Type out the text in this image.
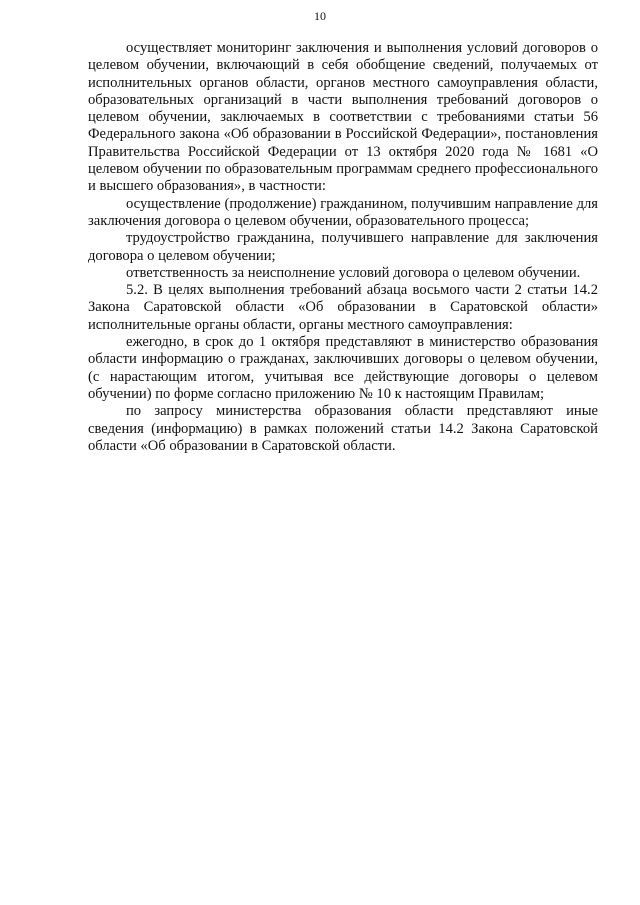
10

осуществляет мониторинг заключения и выполнения условий договоров о целевом обучении, включающий в себя обобщение сведений, получаемых от исполнительных органов области, органов местного самоуправления области, образовательных организаций в части выполнения требований договоров о целевом обучении, заключаемых в соответствии с требованиями статьи 56 Федерального закона «Об образовании в Российской Федерации», постановления Правительства Российской Федерации от 13 октября 2020 года № 1681 «О целевом обучении по образовательным программам среднего профессионального и высшего образования», в частности:

осуществление (продолжение) гражданином, получившим направление для заключения договора о целевом обучении, образовательного процесса;

трудоустройство гражданина, получившего направление для заключения договора о целевом обучении;

ответственность за неисполнение условий договора о целевом обучении.

5.2. В целях выполнения требований абзаца восьмого части 2 статьи 14.2 Закона Саратовской области «Об образовании в Саратовской области» исполнительные органы области, органы местного самоуправления:

ежегодно, в срок до 1 октября представляют в министерство образования области информацию о гражданах, заключивших договоры о целевом обучении, (с нарастающим итогом, учитывая все действующие договоры о целевом обучении) по форме согласно приложению № 10 к настоящим Правилам;

по запросу министерства образования области представляют иные сведения (информацию) в рамках положений статьи 14.2 Закона Саратовской области «Об образовании в Саратовской области.
